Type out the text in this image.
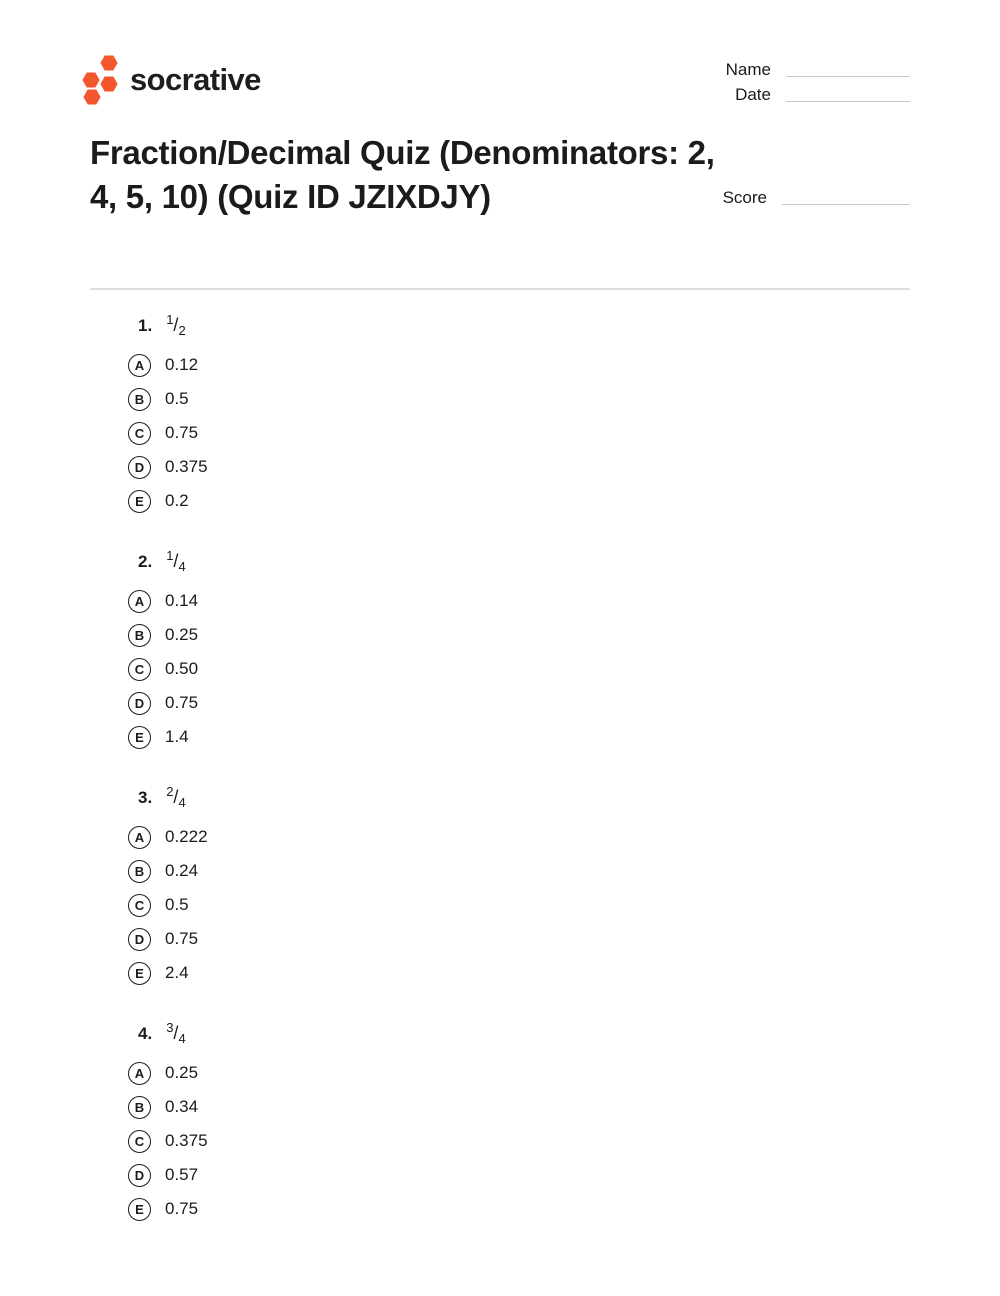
socrative	Name
Date
Score
Fraction/Decimal Quiz (Denominators: 2, 4, 5, 10) (Quiz ID JZIXDJY)
1. $^1/_2$
A 0.12
B 0.5
C 0.75
D 0.375
E 0.2
2. $^1/_4$
A 0.14
B 0.25
C 0.50
D 0.75
E 1.4
3. $^2/_4$
A 0.222
B 0.24
C 0.5
D 0.75
E 2.4
4. $^3/_4$
A 0.25
B 0.34
C 0.375
D 0.57
E 0.75
